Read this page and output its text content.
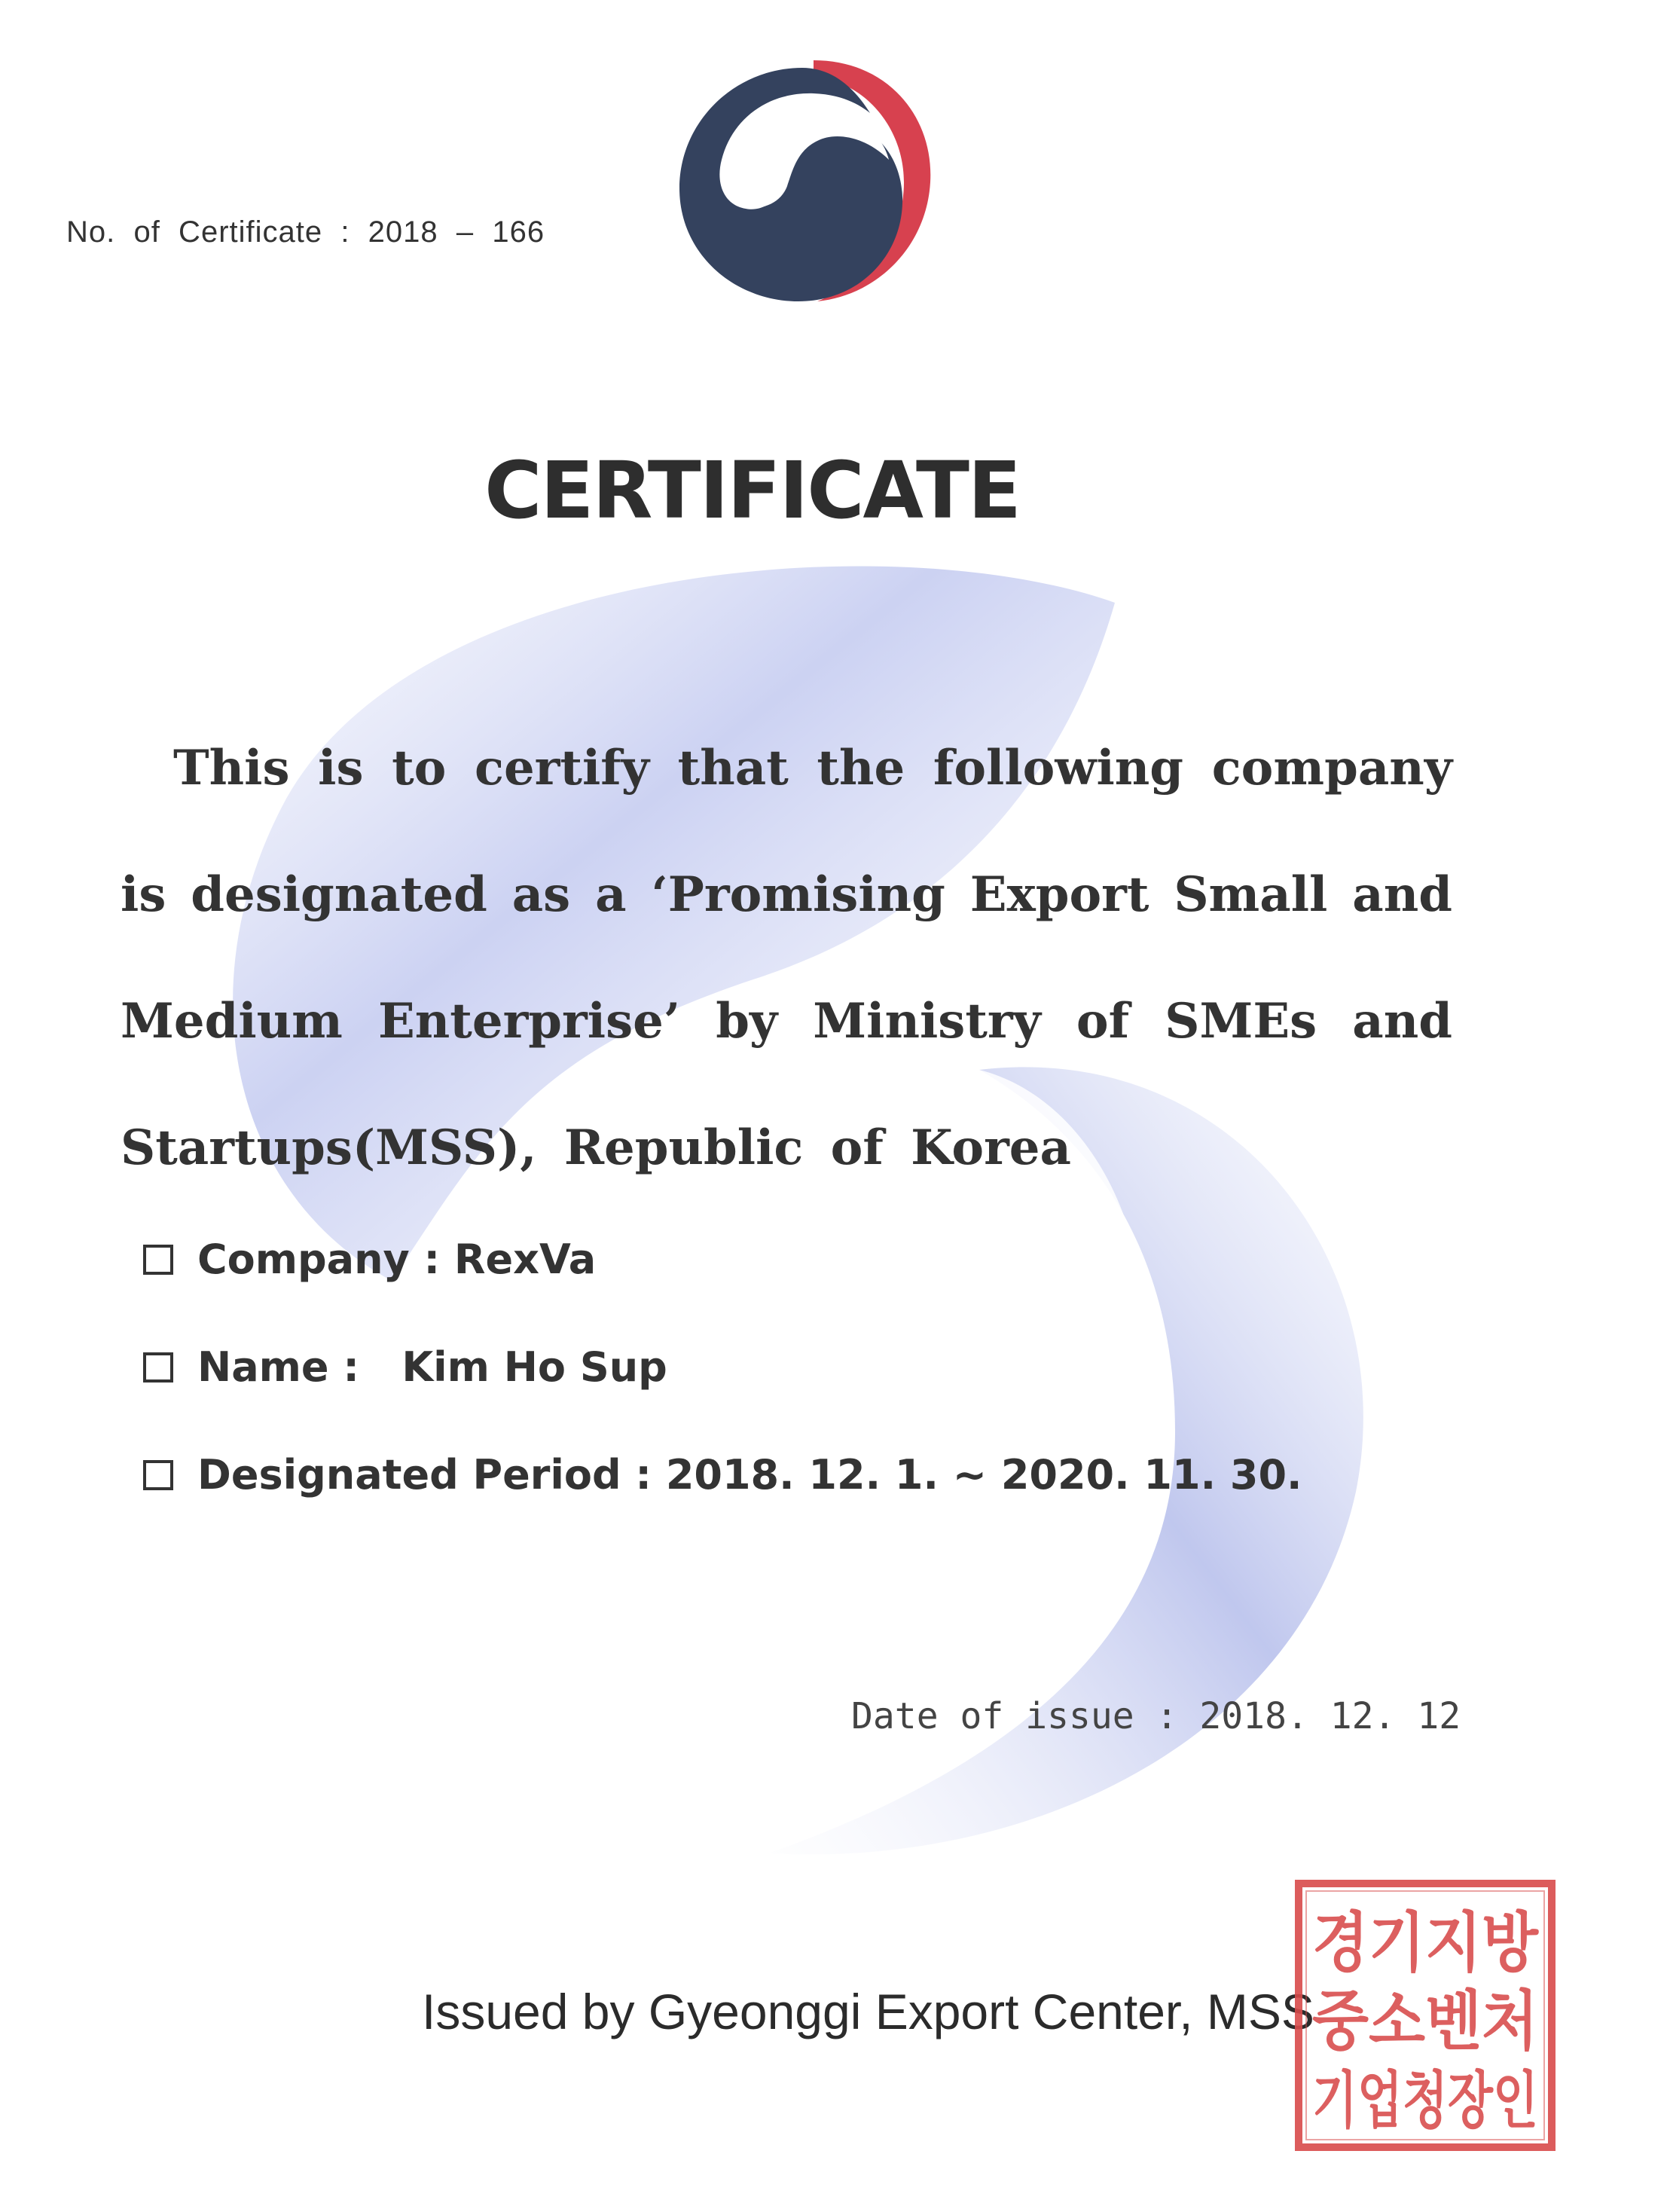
No.  of  Certificate  :  2018  –  166
CERTIFICATE
This is to certify that the following company
is designated as a ‘Promising Export Small and
Medium Enterprise’ by Ministry of SMEs and
Startups(MSS), Republic of Korea
Company : RexVa
Name :   Kim Ho Sup
Designated Period : 2018. 12. 1. ~ 2020. 11. 30.
Date of issue : 2018. 12. 12
Issued by Gyeonggi Export Center, MSS
경기지방
중소벤처
기업청장인
